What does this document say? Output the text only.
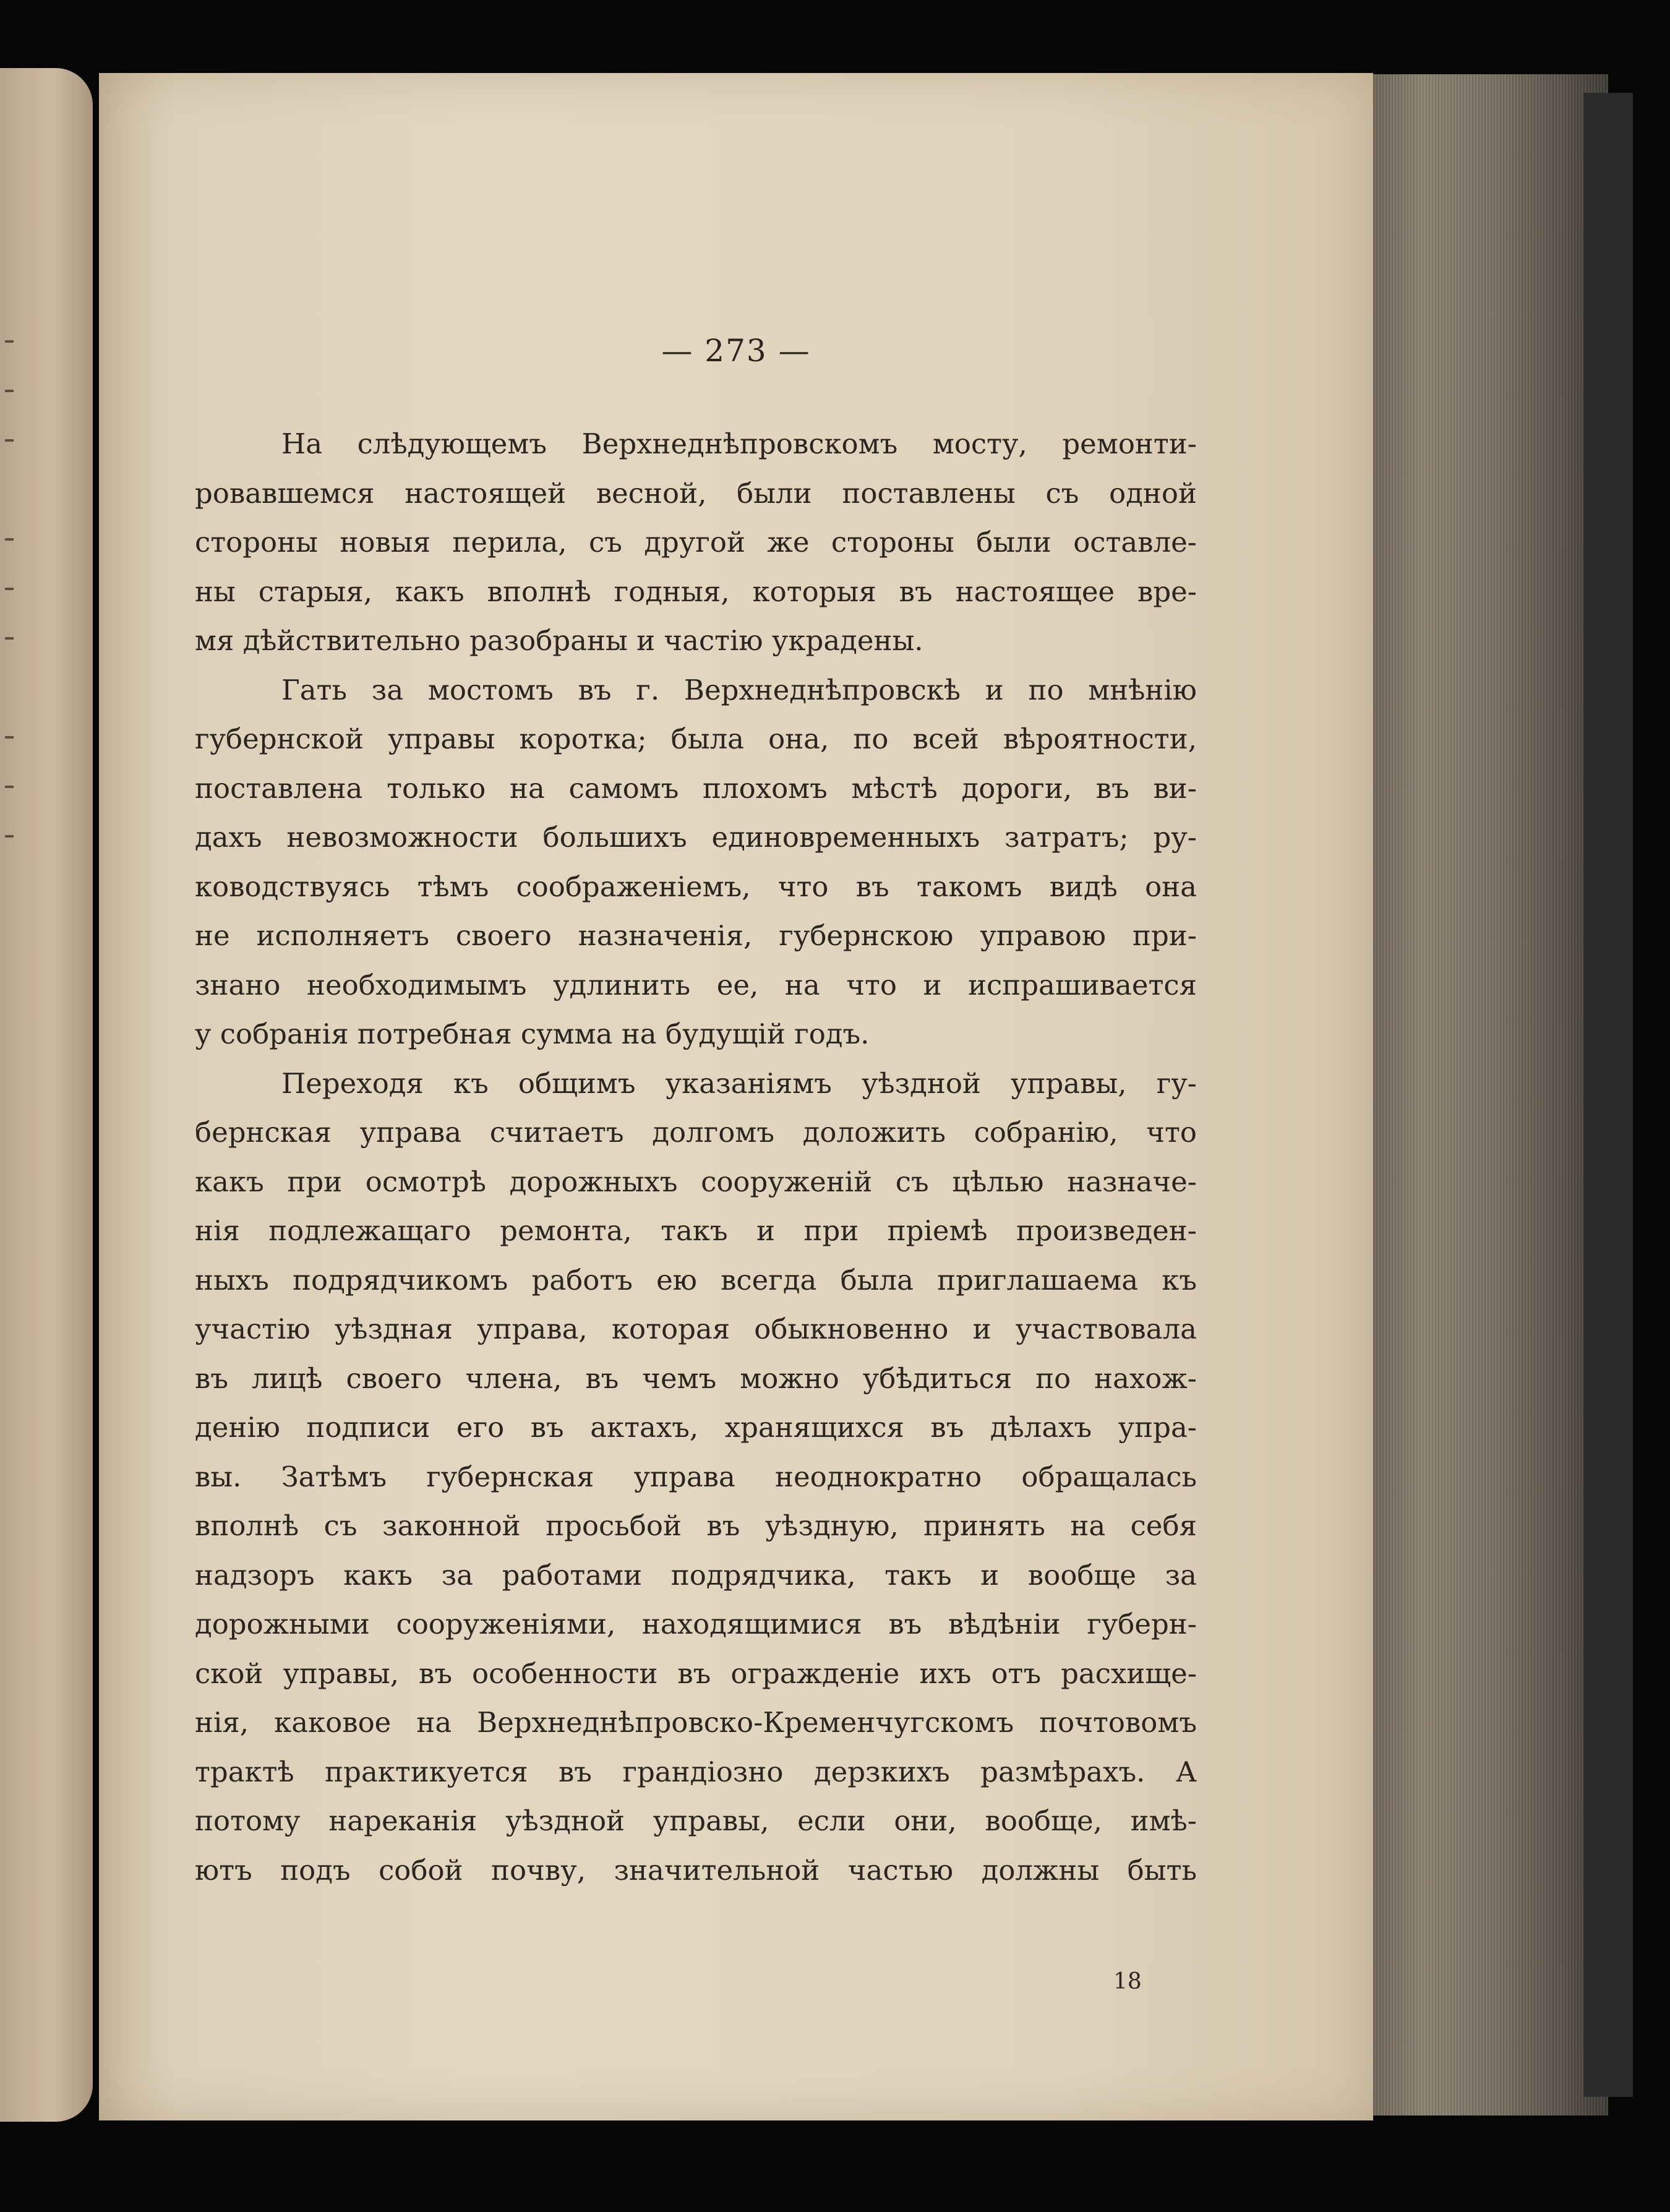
— 273 —
На слѣдующемъ Верхнеднѣпровскомъ мосту, ремонти-
ровавшемся настоящей весной, были поставлены съ одной
стороны новыя перила, съ другой же стороны были оставле-
ны старыя, какъ вполнѣ годныя, которыя въ настоящее вре-
мя дѣйствительно разобраны и частію украдены.
Гать за мостомъ въ г. Верхнеднѣпровскѣ и по мнѣнію
губернской управы коротка; была она, по всей вѣроятности,
поставлена только на самомъ плохомъ мѣстѣ дороги, въ ви-
дахъ невозможности большихъ единовременныхъ затратъ; ру-
ководствуясь тѣмъ соображеніемъ, что въ такомъ видѣ она
не исполняетъ своего назначенія, губернскою управою при-
знано необходимымъ удлинить ее, на что и испрашивается
у собранія потребная сумма на будущій годъ.
Переходя къ общимъ указаніямъ уѣздной управы, гу-
бернская управа считаетъ долгомъ доложить собранію, что
какъ при осмотрѣ дорожныхъ сооруженій съ цѣлью назначе-
нія подлежащаго ремонта, такъ и при пріемѣ произведен-
ныхъ подрядчикомъ работъ ею всегда была приглашаема къ
участію уѣздная управа, которая обыкновенно и участвовала
въ лицѣ своего члена, въ чемъ можно убѣдиться по нахож-
денію подписи его въ актахъ, хранящихся въ дѣлахъ упра-
вы. Затѣмъ губернская управа неоднократно обращалась
вполнѣ съ законной просьбой въ уѣздную, принять на себя
надзоръ какъ за работами подрядчика, такъ и вообще за
дорожными сооруженіями, находящимися въ вѣдѣніи губерн-
ской управы, въ особенности въ огражденіе ихъ отъ расхище-
нія, каковое на Верхнеднѣпровско-Кременчугскомъ почтовомъ
трактѣ практикуется въ грандіозно дерзкихъ размѣрахъ. А
потому нареканія уѣздной управы, если они, вообще, имѣ-
ютъ подъ собой почву, значительной частью должны быть
18
